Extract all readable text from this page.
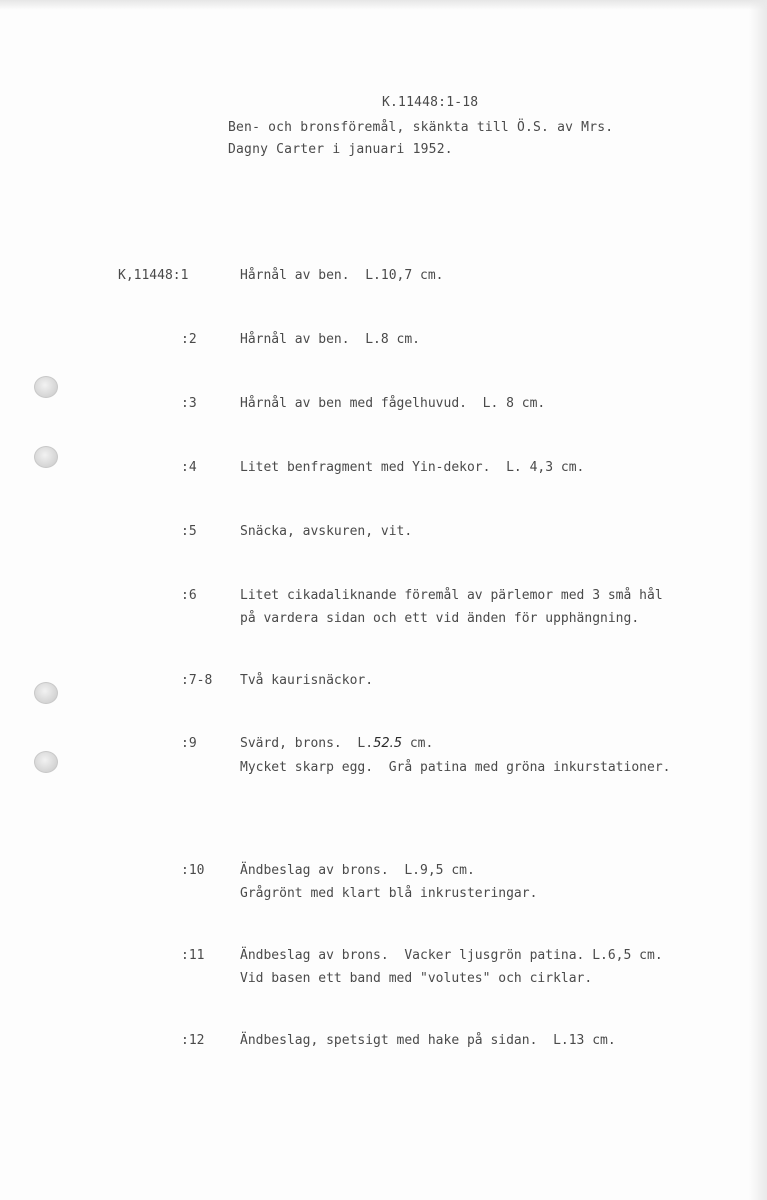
K.11448:1-18
Ben- och bronsföremål, skänkta till Ö.S. av Mrs.
Dagny Carter i januari 1952.
K,11448:1	Hårnål av ben.  L.10,7 cm.
:2	Hårnål av ben.  L.8 cm.
:3	Hårnål av ben med fågelhuvud.  L. 8 cm.
:4	Litet benfragment med Yin-dekor.  L. 4,3 cm.
:5	Snäcka, avskuren, vit.
:6	Litet cikadaliknande föremål av pärlemor med 3 små hål
på vardera sidan och ett vid änden för upphängning.
:7-8 Två kaurisnäckor.
:9	Svärd, brons.  L.52.5 cm.
Mycket skarp egg.  Grå patina med gröna inkurstationer.
:10	Ändbeslag av brons.  L.9,5 cm.
Grågrönt med klart blå inkrusteringar.
:11	Ändbeslag av brons.  Vacker ljusgrön patina. L.6,5 cm.
Vid basen ett band med "volutes" och cirklar.
:12	Ändbeslag, spetsigt med hake på sidan.  L.13 cm.
